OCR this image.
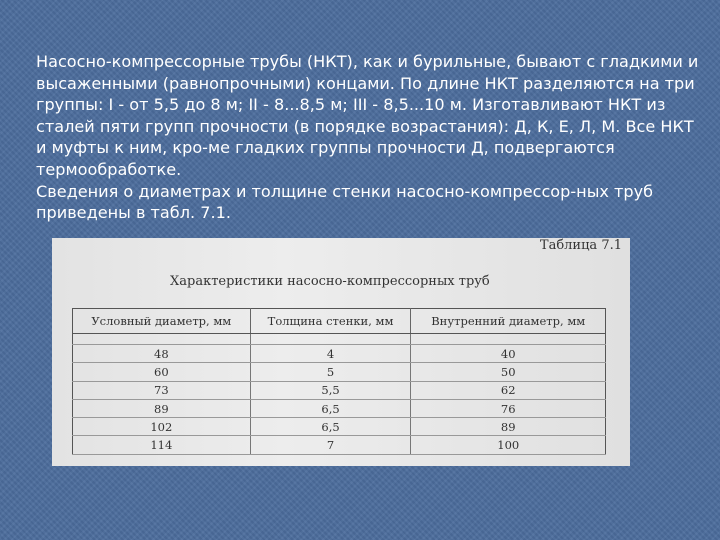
Насосно-компрессорные трубы (НКТ), как и бурильные, бывают с гладкими и высаженными (равнопрочными) концами. По длине НКТ разделяются на три группы: I - от 5,5 до 8 м; II - 8...8,5 м; III - 8,5...10 м. Изготавливают НКТ из сталей пяти групп прочности (в порядке возрастания): Д, К, Е, Л, М. Все НКТ и муфты к ним, кро-ме гладких группы прочности Д, подвергаются термообработке.

Сведения о диаметрах и толщине стенки насосно-компрессор-ных труб приведены в табл. 7.1.

Таблица 7.1
Характеристики насосно-компрессорных труб
Условный диаметр, мм	Толщина стенки, мм	Внутренний диаметр, мм

48	4	40
60	5	50
73	5,5	62
89	6,5	76
102	6,5	89
114	7	100
